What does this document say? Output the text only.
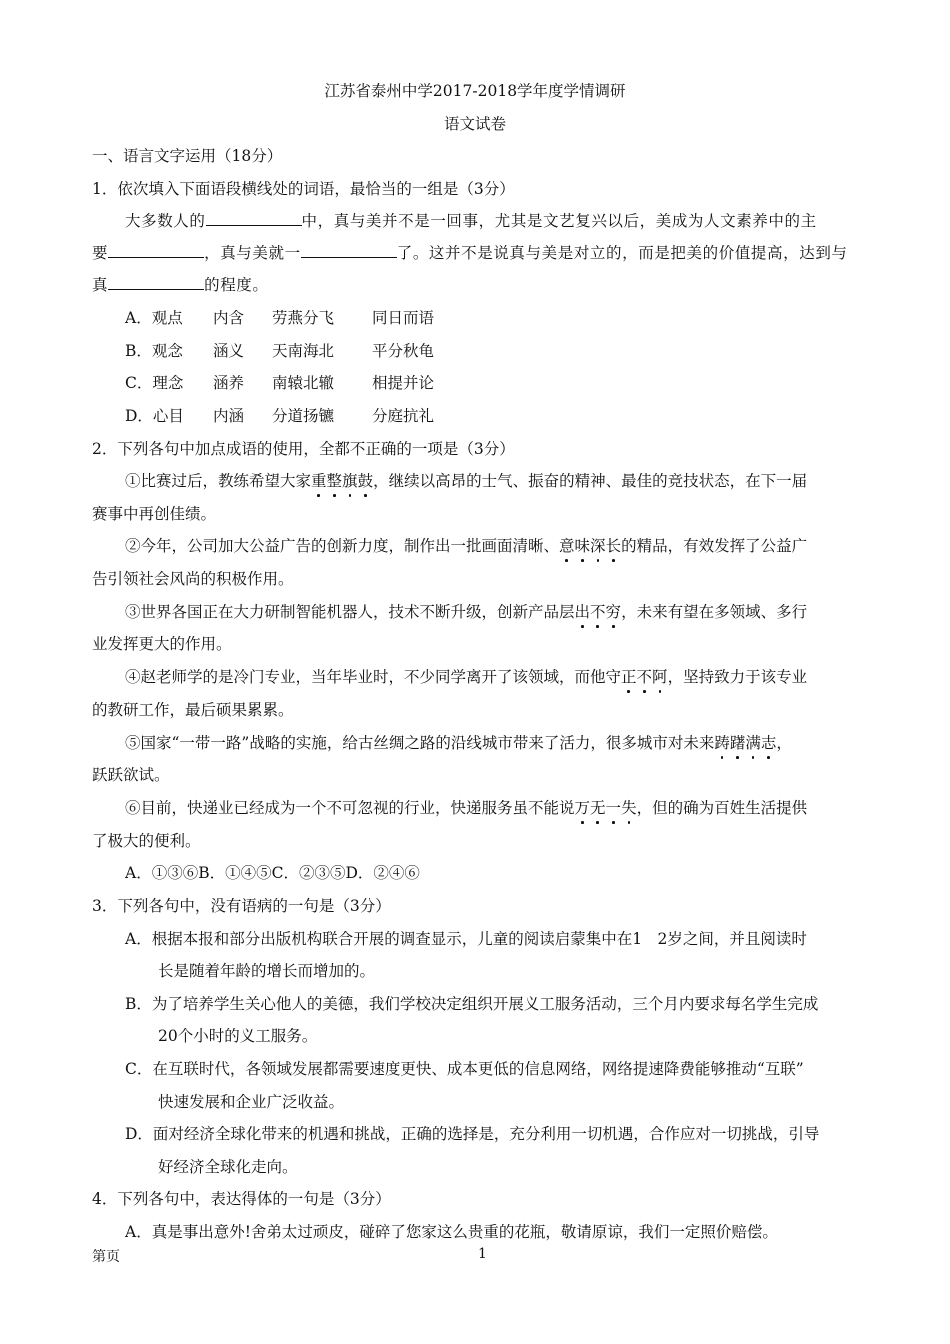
江苏省泰州中学2017-2018学年度学情调研
语文试卷
一、语言文字运用（18分）
1．依次填入下面语段横线处的词语，最恰当的一组是（3分）
大多数人的	中，真与美并不是一回事，尤其是文艺复兴以后，美成为人文素养中的主
要	，真与美就一	了。这并不是说真与美是对立的，而是把美的价值提高，达到与
真	的程度。
A．观点 内含 劳燕分飞 同日而语
B．观念 涵义 天南海北 平分秋龟
C．理念 涵养 南辕北辙 相提并论
D．心目 内涵 分道扬镳 分庭抗礼
2．下列各句中加点成语的使用，全都不正确的一项是（3分）
①比赛过后，教练希望大家重整旗鼓，继续以高昂的士气、振奋的精神、最佳的竞技状态，在下一届
赛事中再创佳绩。
②今年，公司加大公益广告的创新力度，制作出一批画面清晰、意味深长的精品，有效发挥了公益广
告引领社会风尚的积极作用。
③世界各国正在大力研制智能机器人，技术不断升级，创新产品层出不穷，未来有望在多领域、多行
业发挥更大的作用。
④赵老师学的是冷门专业，当年毕业时，不少同学离开了该领域，而他守正不阿，坚持致力于该专业
的教研工作，最后硕果累累。
⑤国家“一带一路”战略的实施，给古丝绸之路的沿线城市带来了活力，很多城市对未来踌躇满志，
跃跃欲试。
⑥目前，快递业已经成为一个不可忽视的行业，快递服务虽不能说万无一失，但的确为百姓生活提供
了极大的便利。
A．①③⑥B．①④⑤C．②③⑤D．②④⑥
3．下列各句中，没有语病的一句是（3分）
A．根据本报和部分出版机构联合开展的调查显示，儿童的阅读启蒙集中在1　2岁之间，并且阅读时
长是随着年龄的增长而增加的。
B．为了培养学生关心他人的美德，我们学校决定组织开展义工服务活动，三个月内要求每名学生完成
20个小时的义工服务。
C．在互联时代，各领域发展都需要速度更快、成本更低的信息网络，网络提速降费能够推动“互联”
快速发展和企业广泛收益。
D．面对经济全球化带来的机遇和挑战，正确的选择是，充分利用一切机遇，合作应对一切挑战，引导
好经济全球化走向。
4．下列各句中，表达得体的一句是（3分）
A．真是事出意外!舍弟太过顽皮，碰碎了您家这么贵重的花瓶，敬请原谅，我们一定照价赔偿。
第页	1
